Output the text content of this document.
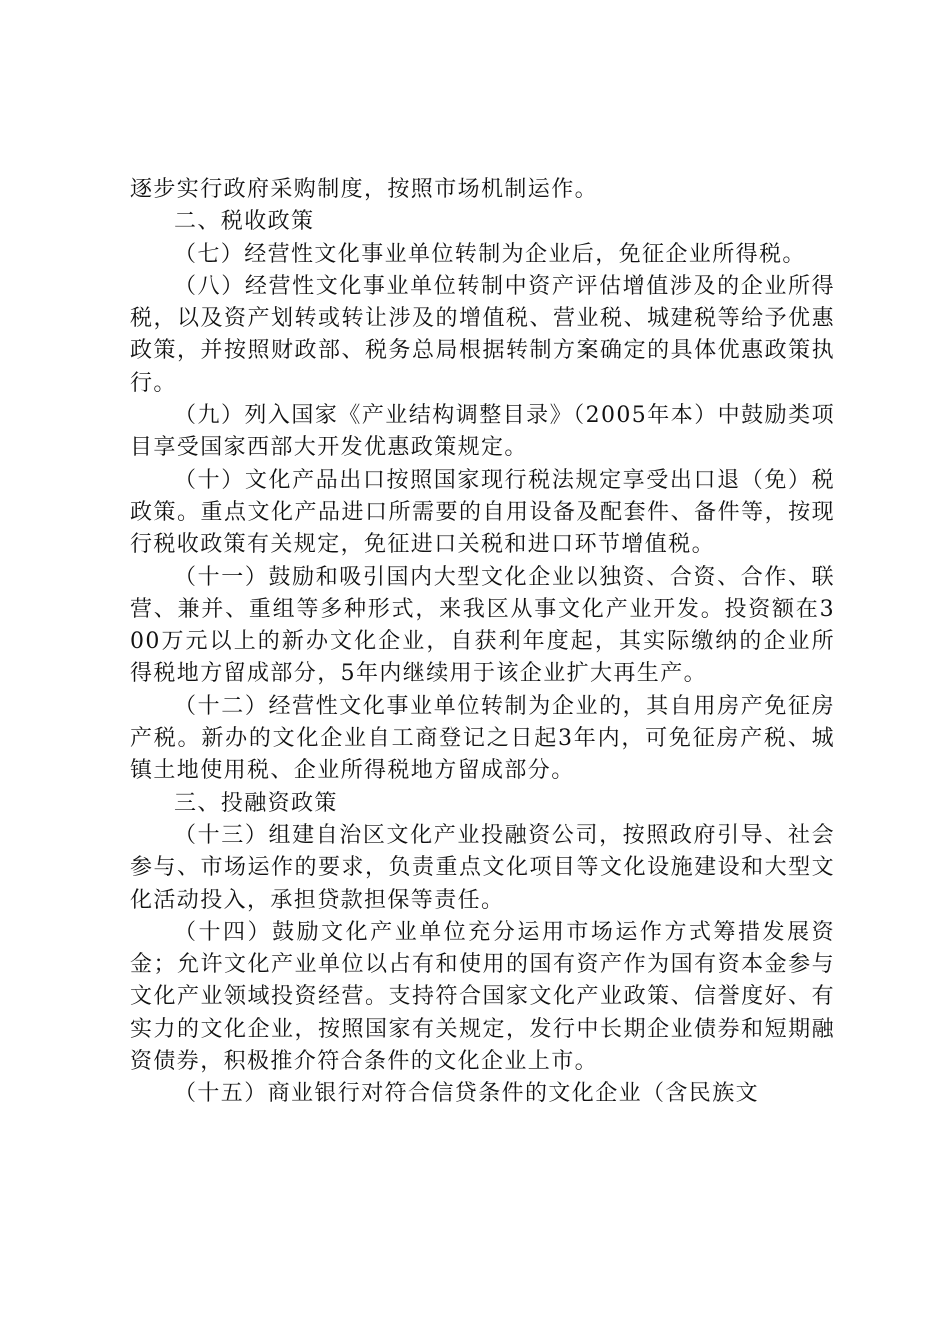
逐步实行政府采购制度，按照市场机制运作。

二、税收政策

（七）经营性文化事业单位转制为企业后，免征企业所得税。

（八）经营性文化事业单位转制中资产评估增值涉及的企业所得税，以及资产划转或转让涉及的增值税、营业税、城建税等给予优惠政策，并按照财政部、税务总局根据转制方案确定的具体优惠政策执行。

（九）列入国家《产业结构调整目录》（2005年本）中鼓励类项目享受国家西部大开发优惠政策规定。

（十）文化产品出口按照国家现行税法规定享受出口退（免）税政策。重点文化产品进口所需要的自用设备及配套件、备件等，按现行税收政策有关规定，免征进口关税和进口环节增值税。

（十一）鼓励和吸引国内大型文化企业以独资、合资、合作、联营、兼并、重组等多种形式，来我区从事文化产业开发。投资额在300万元以上的新办文化企业，自获利年度起，其实际缴纳的企业所得税地方留成部分，5年内继续用于该企业扩大再生产。

（十二）经营性文化事业单位转制为企业的，其自用房产免征房产税。新办的文化企业自工商登记之日起3年内，可免征房产税、城镇土地使用税、企业所得税地方留成部分。

三、投融资政策

（十三）组建自治区文化产业投融资公司，按照政府引导、社会参与、市场运作的要求，负责重点文化项目等文化设施建设和大型文化活动投入，承担贷款担保等责任。

（十四）鼓励文化产业单位充分运用市场运作方式筹措发展资金；允许文化产业单位以占有和使用的国有资产作为国有资本金参与文化产业领域投资经营。支持符合国家文化产业政策、信誉度好、有实力的文化企业，按照国家有关规定，发行中长期企业债券和短期融资债券，积极推介符合条件的文化企业上市。

（十五）商业银行对符合信贷条件的文化企业（含民族文
